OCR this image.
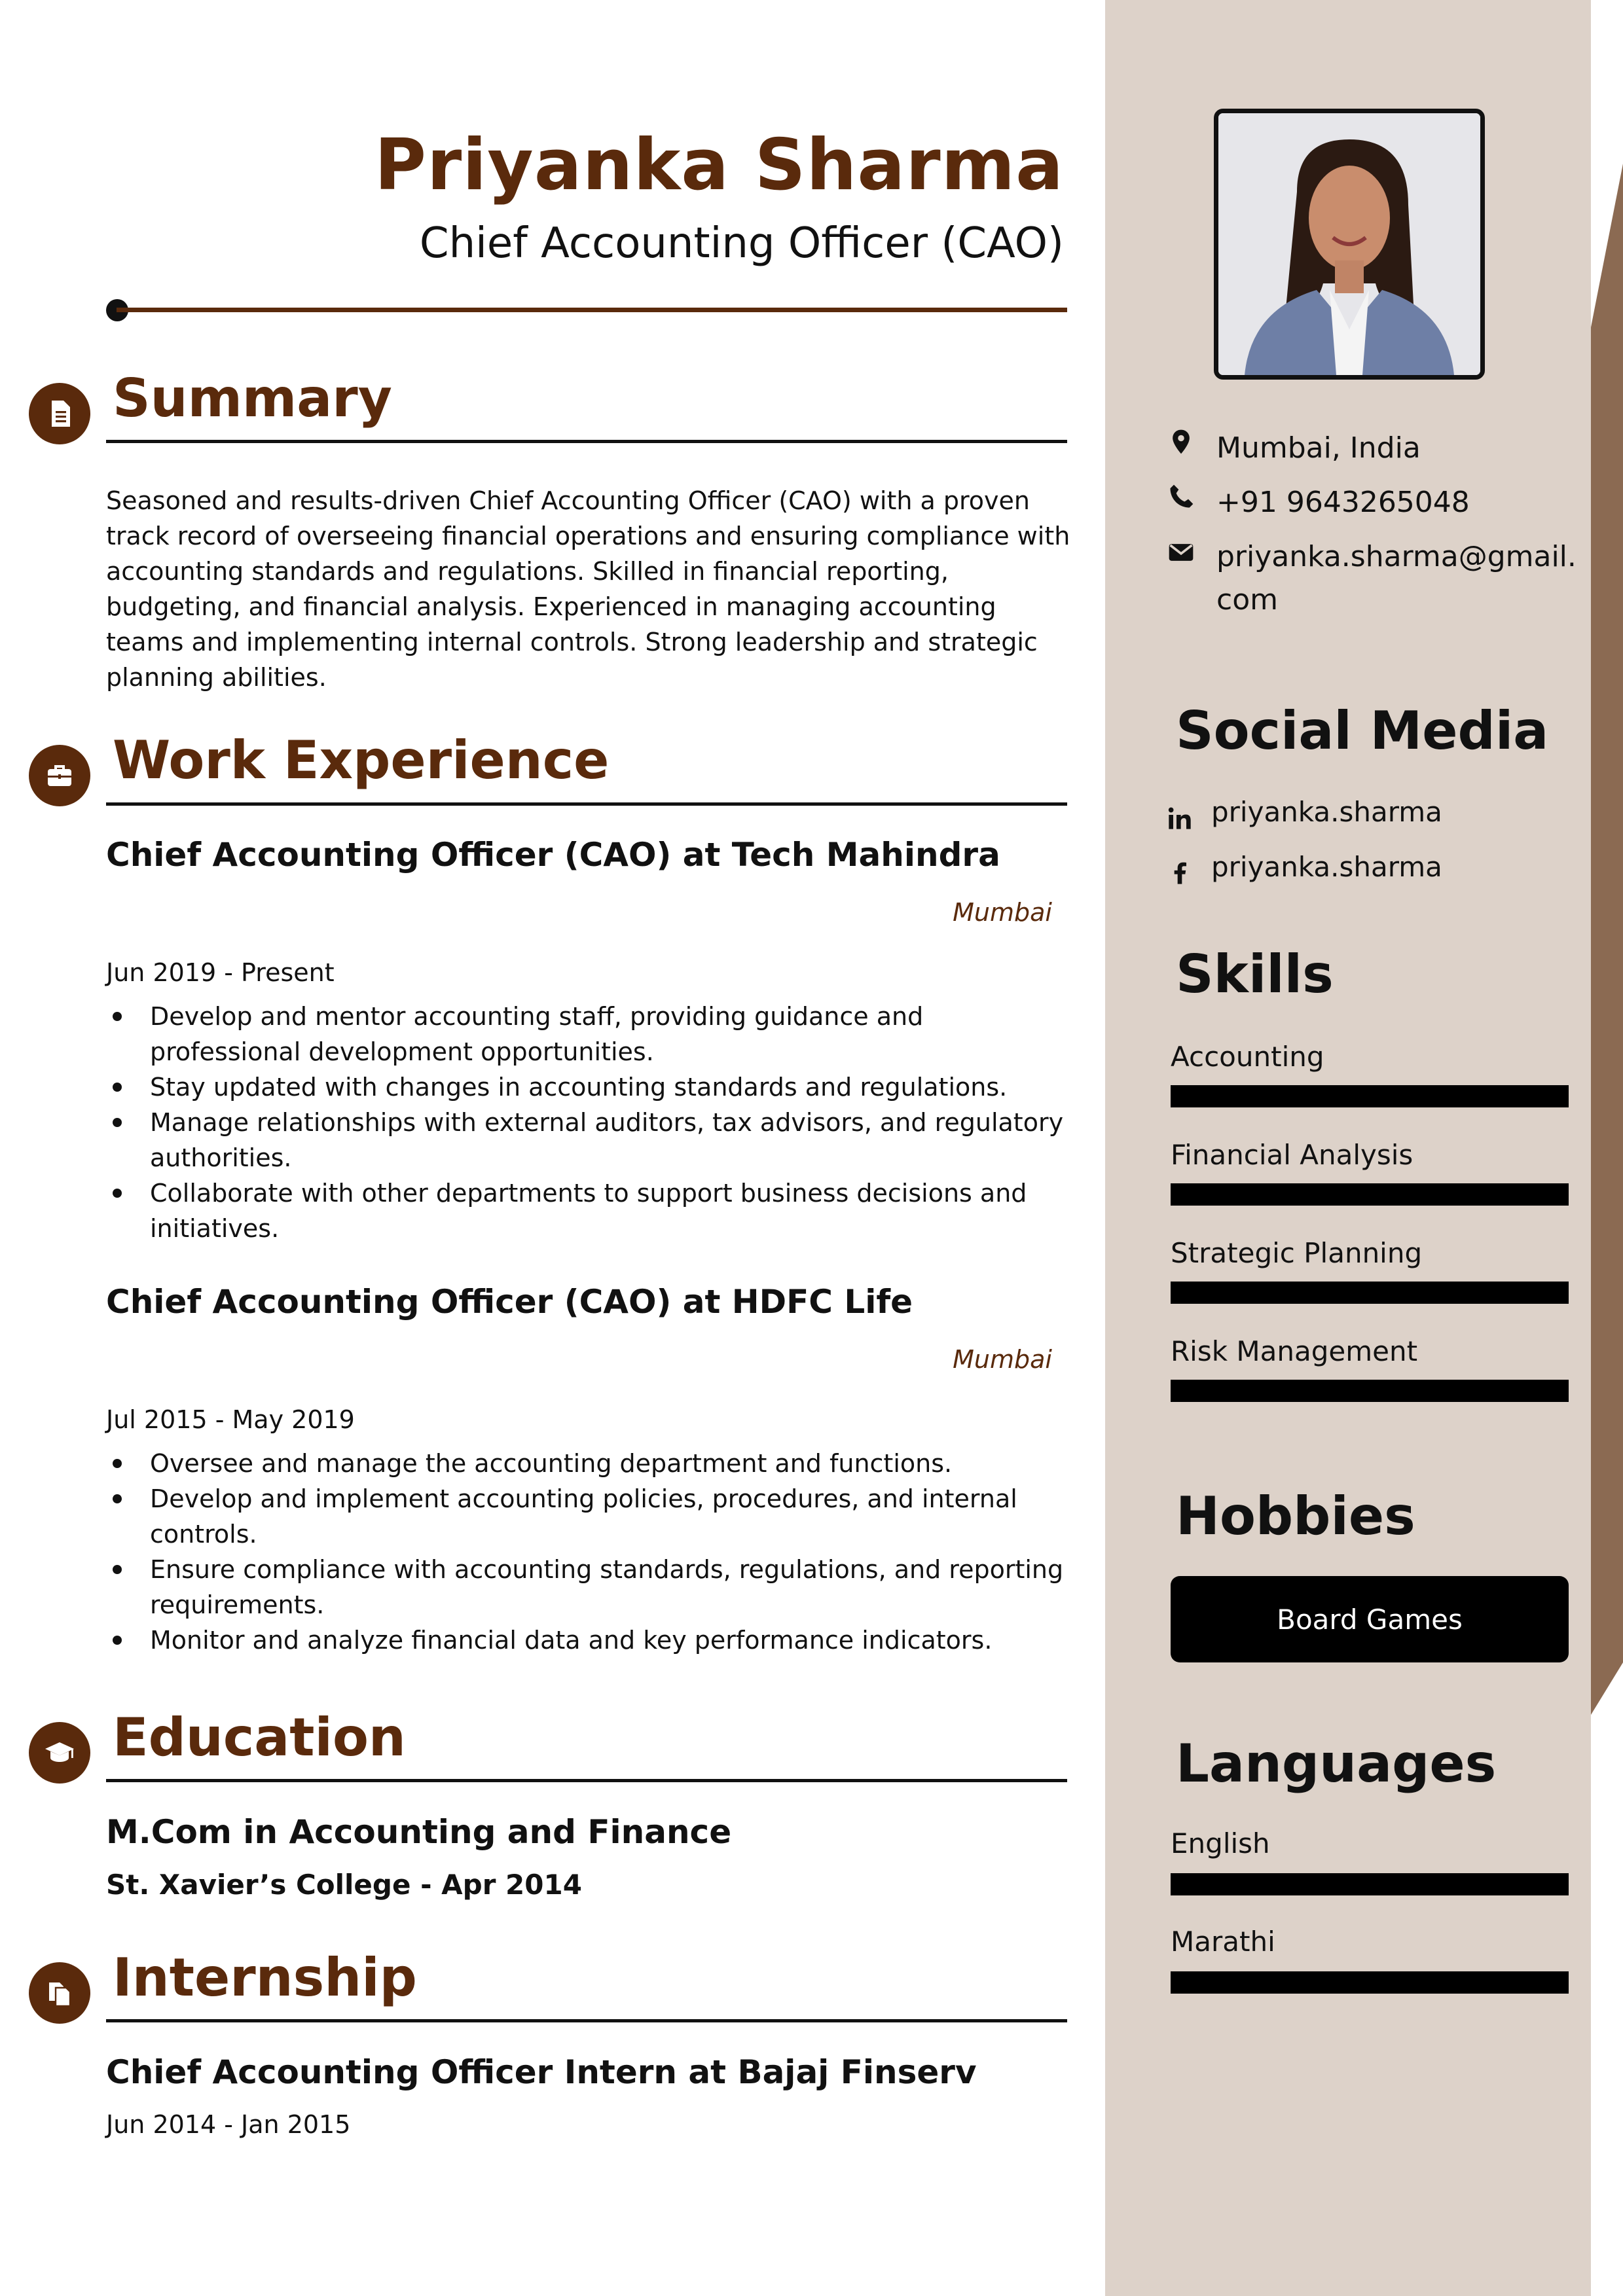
Priyanka Sharma
Chief Accounting Officer (CAO)
Summary
Seasoned and results-driven Chief Accounting Officer (CAO) with a proven track record of overseeing financial operations and ensuring compliance with accounting standards and regulations. Skilled in financial reporting, budgeting, and financial analysis. Experienced in managing accounting teams and implementing internal controls. Strong leadership and strategic planning abilities.
Work Experience
Chief Accounting Officer (CAO) at Tech Mahindra
Mumbai
Jun 2019 - Present
Develop and mentor accounting staff, providing guidance and professional development opportunities.
Stay updated with changes in accounting standards and regulations.
Manage relationships with external auditors, tax advisors, and regulatory authorities.
Collaborate with other departments to support business decisions and initiatives.
Chief Accounting Officer (CAO) at HDFC Life
Mumbai
Jul 2015 - May 2019
Oversee and manage the accounting department and functions.
Develop and implement accounting policies, procedures, and internal controls.
Ensure compliance with accounting standards, regulations, and reporting requirements.
Monitor and analyze financial data and key performance indicators.
Education
M.Com in Accounting and Finance
St. Xavier’s College - Apr 2014
Internship
Chief Accounting Officer Intern at Bajaj Finserv
Jun 2014 - Jan 2015
Mumbai, India
+91 9643265048
priyanka.sharma@gmail.
com
Social Media
priyanka.sharma
priyanka.sharma
Skills
Accounting
Financial Analysis
Strategic Planning
Risk Management
Hobbies
Board Games
Languages
English
Marathi
